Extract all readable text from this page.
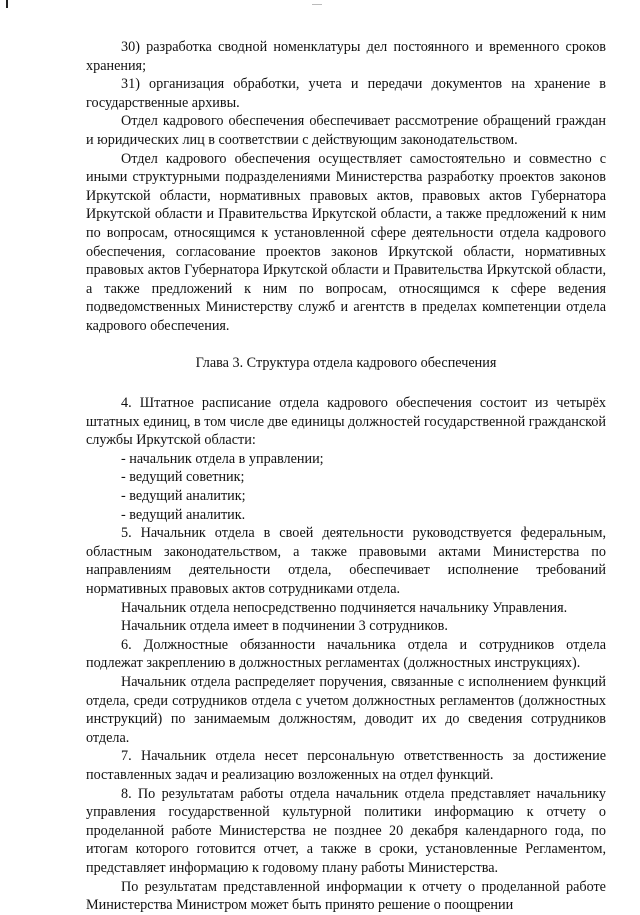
30) разработка сводной номенклатуры дел постоянного и временного сроков хранения;

31) организация обработки, учета и передачи документов на хранение в государственные архивы.

Отдел кадрового обеспечения обеспечивает рассмотрение обращений граждан и юридических лиц в соответствии с действующим законодательством.

Отдел кадрового обеспечения осуществляет самостоятельно и совместно с иными структурными подразделениями Министерства разработку проектов законов Иркутской области, нормативных правовых актов, правовых актов Губернатора Иркутской области и Правительства Иркутской области, а также предложений к ним по вопросам, относящимся к установленной сфере деятельности отдела кадрового обеспечения, согласование проектов законов Иркутской области, нормативных правовых актов Губернатора Иркутской области и Правительства Иркутской области, а также предложений к ним по вопросам, относящимся к сфере ведения подведомственных Министерству служб и агентств в пределах компетенции отдела кадрового обеспечения.

Глава 3. Структура отдела кадрового обеспечения

4. Штатное расписание отдела кадрового обеспечения состоит из четырёх штатных единиц, в том числе две единицы должностей государственной гражданской службы Иркутской области:

- начальник отдела в управлении;

- ведущий советник;

- ведущий аналитик;

- ведущий аналитик.

5. Начальник отдела в своей деятельности руководствуется федеральным, областным законодательством, а также правовыми актами Министерства по направлениям деятельности отдела, обеспечивает исполнение требований нормативных правовых актов сотрудниками отдела.

Начальник отдела непосредственно подчиняется начальнику Управления.

Начальник отдела имеет в подчинении 3 сотрудников.

6. Должностные обязанности начальника отдела и сотрудников отдела подлежат закреплению в должностных регламентах (должностных инструкциях).

Начальник отдела распределяет поручения, связанные с исполнением функций отдела, среди сотрудников отдела с учетом должностных регламентов (должностных инструкций) по занимаемым должностям, доводит их до сведения сотрудников отдела.

7. Начальник отдела несет персональную ответственность за достижение поставленных задач и реализацию возложенных на отдел функций.

8. По результатам работы отдела начальник отдела представляет начальнику управления государственной культурной политики информацию к отчету о проделанной работе Министерства не позднее 20 декабря календарного года, по итогам которого готовится отчет, а также в сроки, установленные Регламентом, представляет информацию к годовому плану работы Министерства.

По результатам представленной информации к отчету о проделанной работе Министерства Министром может быть принято решение о поощрении
